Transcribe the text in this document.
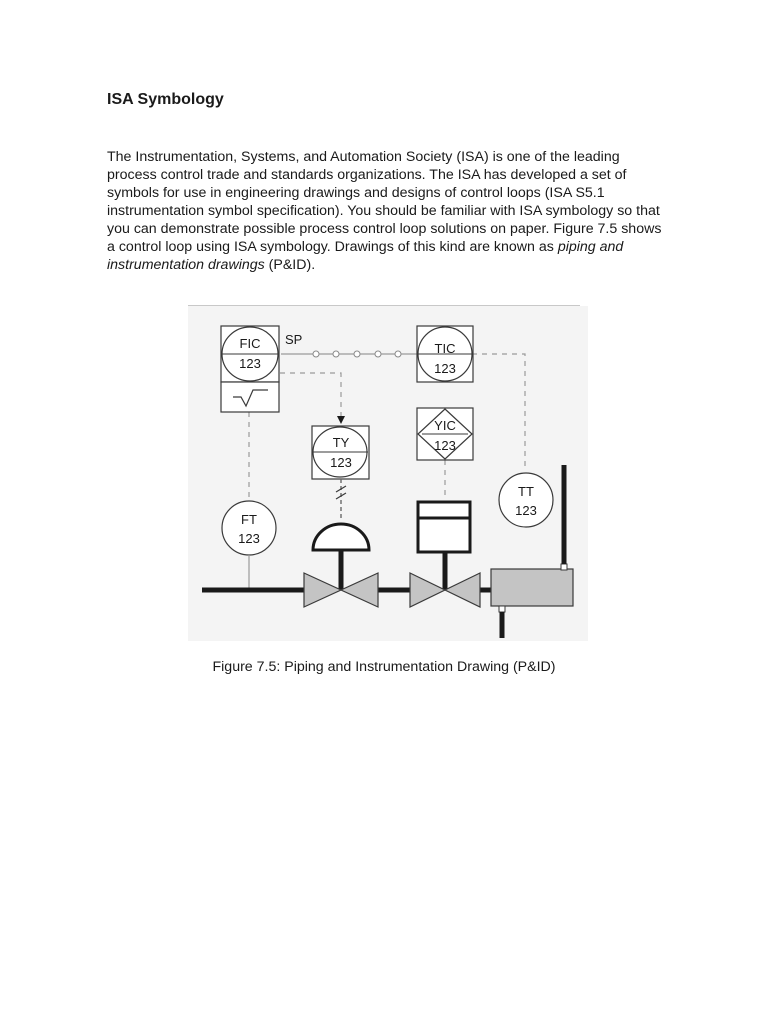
ISA Symbology

The Instrumentation, Systems, and Automation Society (ISA) is one of the leading process control trade and standards organizations. The ISA has developed a set of symbols for use in engineering drawings and designs of control loops (ISA S5.1 instrumentation symbol specification). You should be familiar with ISA symbology so that you can demonstrate possible process control loop solutions on paper. Figure 7.5 shows a control loop using ISA symbology. Drawings of this kind are known as piping and instrumentation drawings (P&ID).

SP
FIC
123
TIC
123
TY
123
YIC
123
FT
123
TT
123

Figure 7.5: Piping and Instrumentation Drawing (P&ID)
